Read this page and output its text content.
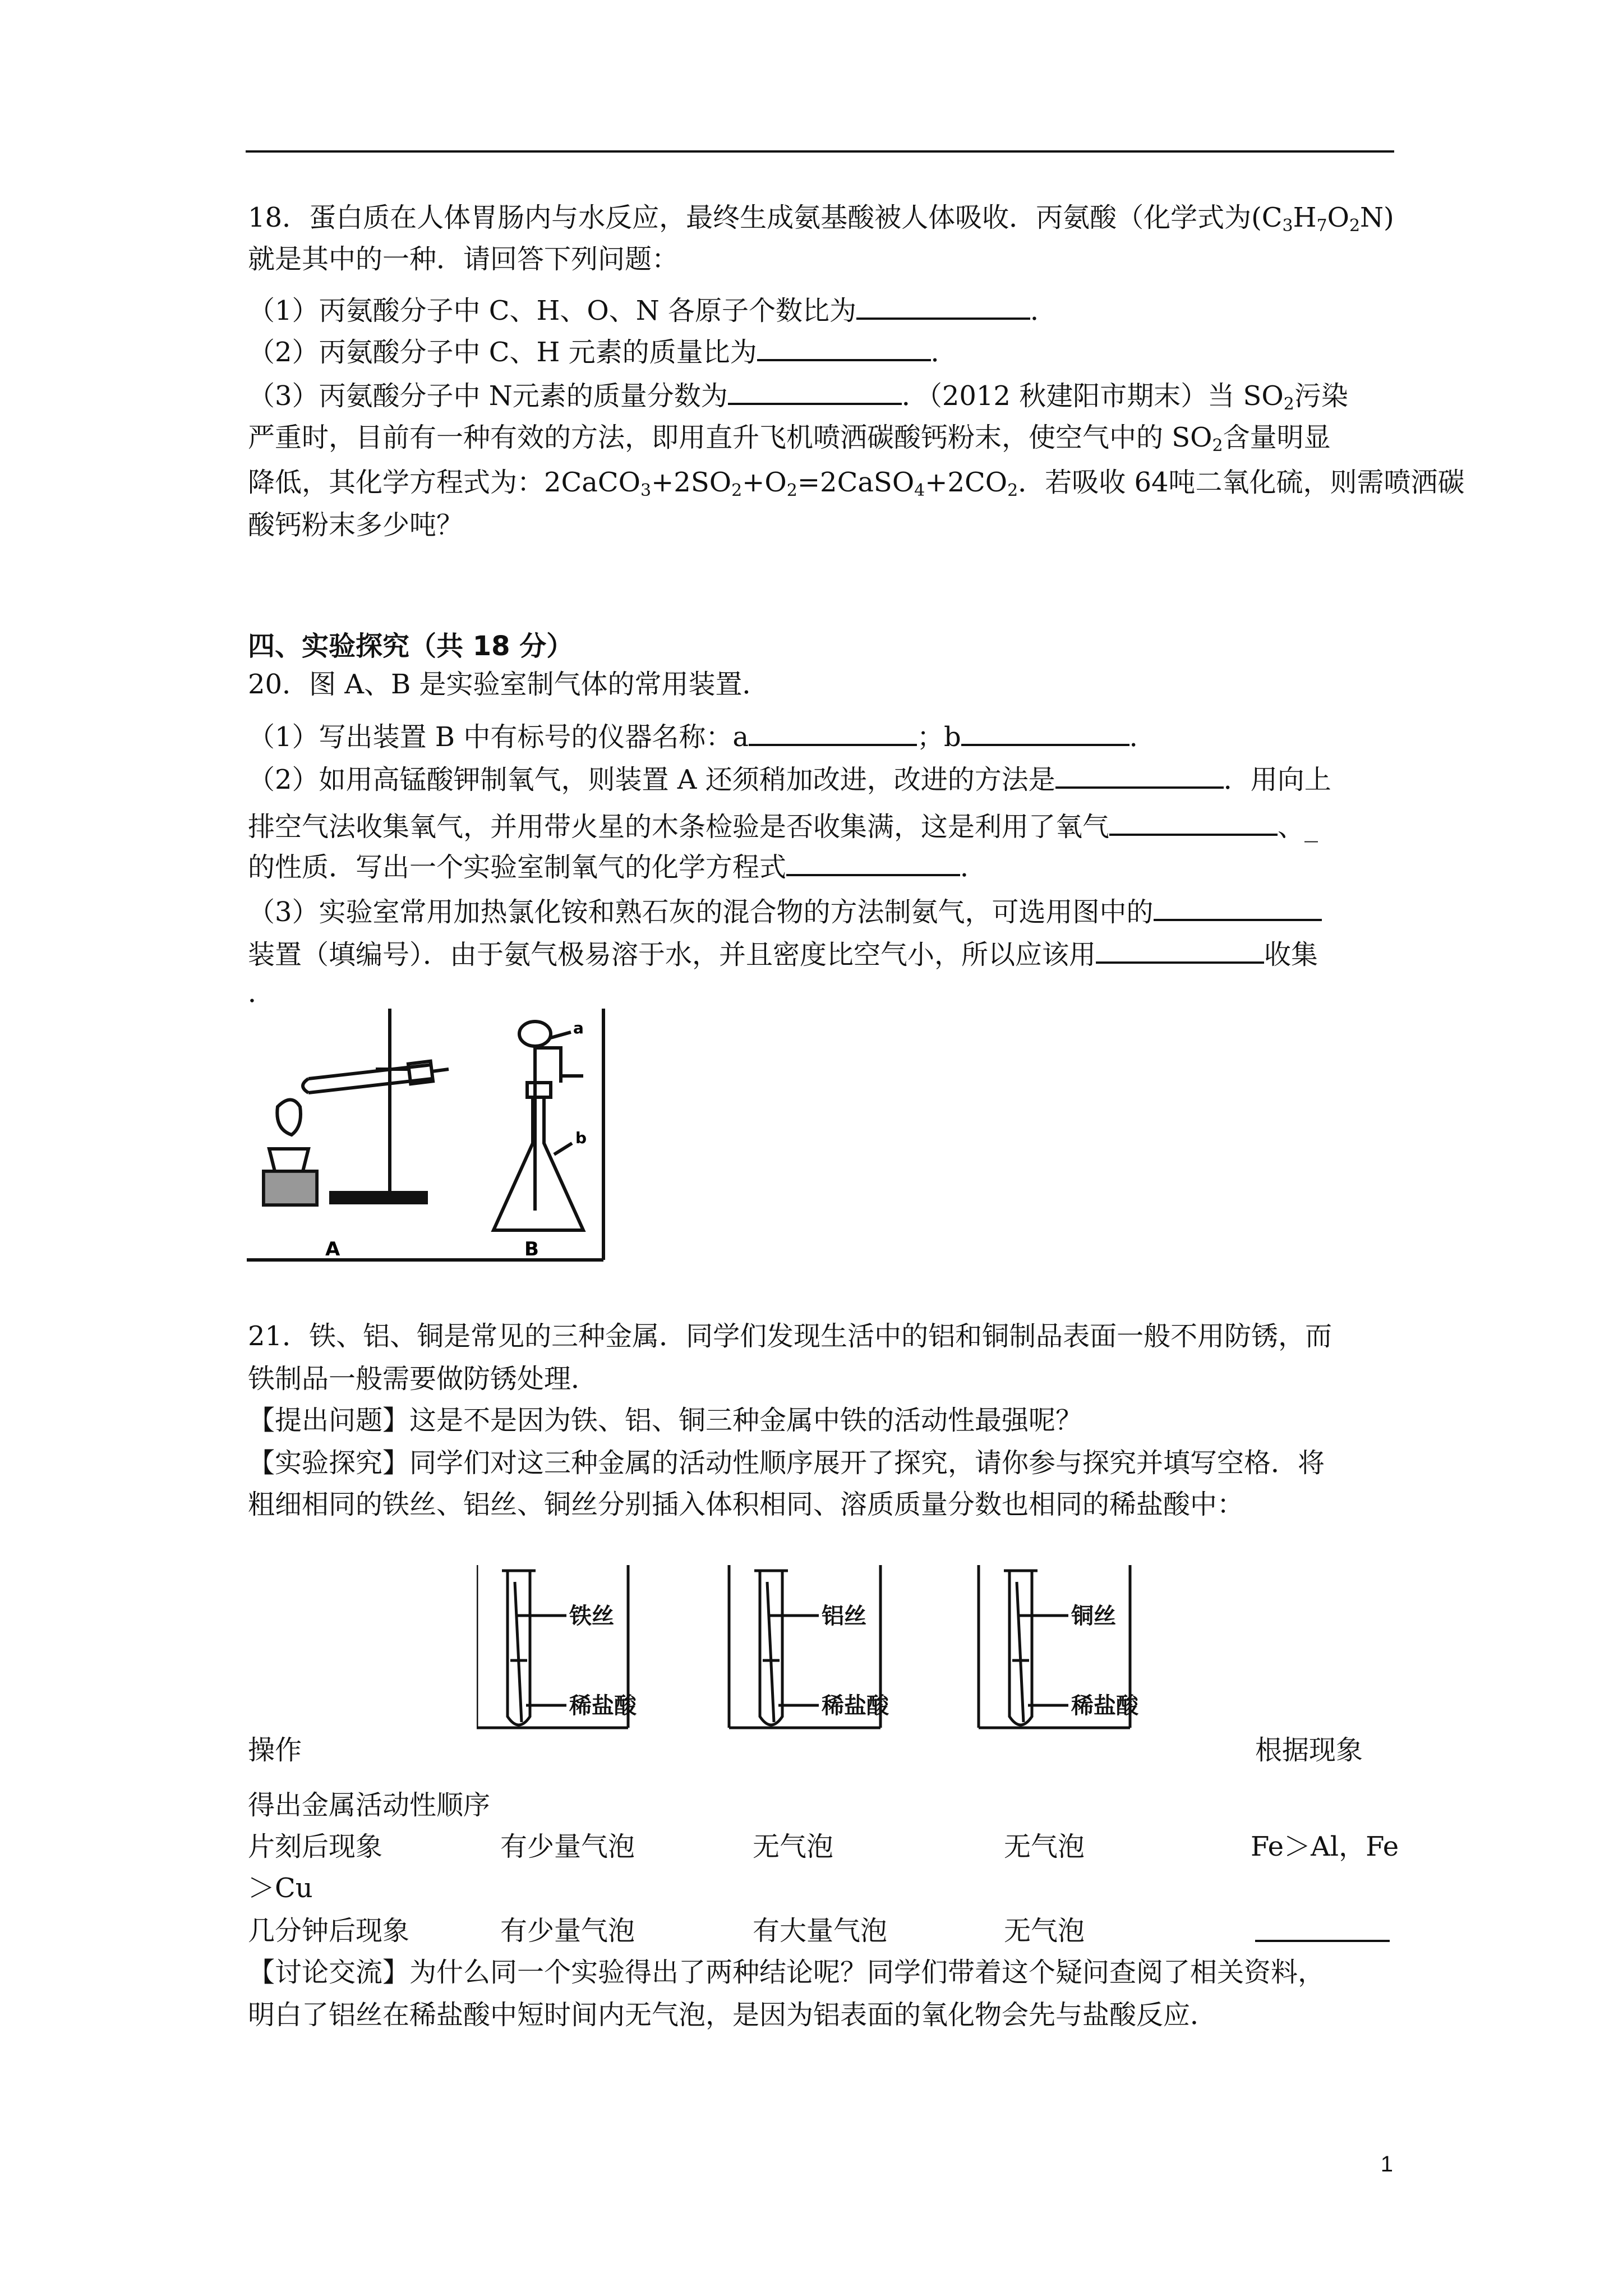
18．蛋白质在人体胃肠内与水反应，最终生成氨基酸被人体吸收．丙氨酸（化学式为$(C_3H_7O_2N)$
就是其中的一种．请回答下列问题：
（1）丙氨酸分子中 C、H、O、N 各原子个数比为	．
（2）丙氨酸分子中 C、H 元素的质量比为	．
（3）丙氨酸分子中 N元素的质量分数为	．（2012 秋建阳市期末）当 $SO_2$污染
严重时，目前有一种有效的方法，即用直升飞机喷洒碳酸钙粉末，使空气中的 $SO_2$含量明显
降低，其化学方程式为：$2CaCO_3+2SO_2+O_2=2CaSO_4+2CO_2$．若吸收 64吨二氧化硫，则需喷洒碳
酸钙粉末多少吨？
四、实验探究（共 18 分）
20．图 A、B 是实验室制气体的常用装置．
（1）写出装置 B 中有标号的仪器名称：a	；b	．
（2）如用高锰酸钾制氧气，则装置 A 还须稍加改进，改进的方法是	．用向上
排空气法收集氧气，并用带火星的木条检验是否收集满，这是利用了氧气	、_
的性质．写出一个实验室制氧气的化学方程式	．
（3）实验室常用加热氯化铵和熟石灰的混合物的方法制氨气，可选用图中的
装置（填编号）．由于氨气极易溶于水，并且密度比空气小，所以应该用	收集
．
a
b
A	B
21．铁、铝、铜是常见的三种金属．同学们发现生活中的铝和铜制品表面一般不用防锈，而
铁制品一般需要做防锈处理．
【提出问题】这是不是因为铁、铝、铜三种金属中铁的活动性最强呢？
【实验探究】同学们对这三种金属的活动性顺序展开了探究，请你参与探究并填写空格．将
粗细相同的铁丝、铝丝、铜丝分别插入体积相同、溶质质量分数也相同的稀盐酸中：
铁丝
稀盐酸
铝丝
稀盐酸
铜丝
稀盐酸
操作	根据现象
得出金属活动性顺序
片刻后现象	有少量气泡	无气泡	无气泡	Fe＞Al，Fe
＞Cu
几分钟后现象	有少量气泡	有大量气泡	无气泡
【讨论交流】为什么同一个实验得出了两种结论呢？同学们带着这个疑问查阅了相关资料，
明白了铝丝在稀盐酸中短时间内无气泡，是因为铝表面的氧化物会先与盐酸反应．
1
